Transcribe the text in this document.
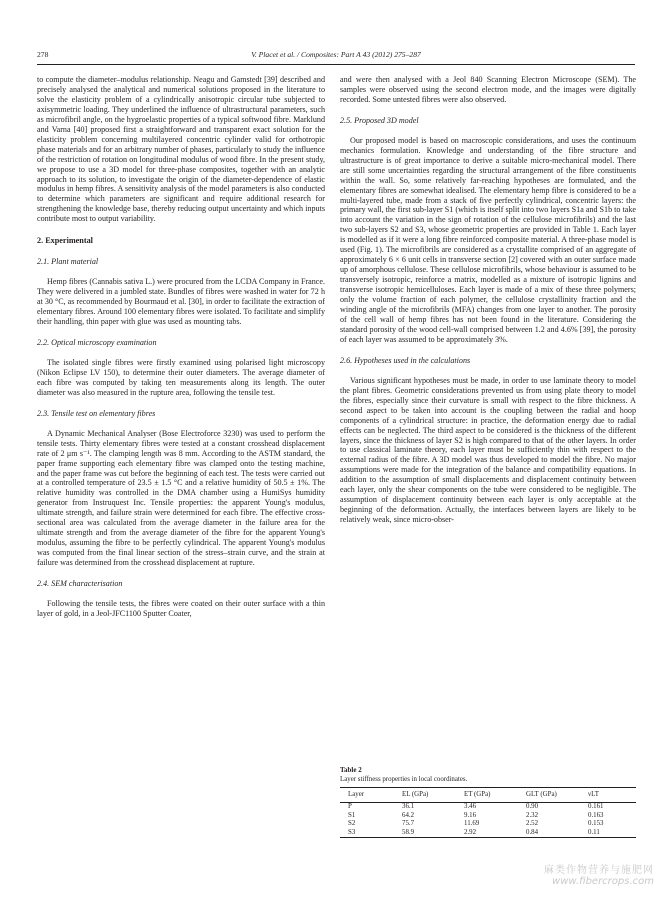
278	V. Placet et al. / Composites: Part A 43 (2012) 275–287

to compute the diameter–modulus relationship. Neagu and Gamstedt [39] described and precisely analysed the analytical and numerical solutions proposed in the literature to solve the elasticity problem of a cylindrically anisotropic circular tube subjected to axisymmetric loading. They underlined the influence of ultrastructural parameters, such as microfibril angle, on the hygroelastic properties of a typical softwood fibre. Marklund and Varna [40] proposed first a straightforward and transparent exact solution for the elasticity problem concerning multilayered concentric cylinder valid for orthotropic phase materials and for an arbitrary number of phases, particularly to study the influence of the restriction of rotation on longitudinal modulus of wood fibre. In the present study, we propose to use a 3D model for three-phase composites, together with an analytic approach to its solution, to investigate the origin of the diameter-dependence of elastic modulus in hemp fibres. A sensitivity analysis of the model parameters is also conducted to determine which parameters are significant and require additional research for strengthening the knowledge base, thereby reducing output uncertainty and which inputs contribute most to output variability.

2. Experimental
2.1. Plant material

Hemp fibres (Cannabis sativa L.) were procured from the LCDA Company in France. They were delivered in a jumbled state. Bundles of fibres were washed in water for 72 h at 30 °C, as recommended by Bourmaud et al. [30], in order to facilitate the extraction of elementary fibres. Around 100 elementary fibres were isolated. To facilitate and simplify their handling, thin paper with glue was used as mounting tabs.

2.2. Optical microscopy examination

The isolated single fibres were firstly examined using polarised light microscopy (Nikon Eclipse LV 150), to determine their outer diameters. The average diameter of each fibre was computed by taking ten measurements along its length. The outer diameter was also measured in the rupture area, following the tensile test.

2.3. Tensile test on elementary fibres

A Dynamic Mechanical Analyser (Bose Electroforce 3230) was used to perform the tensile tests. Thirty elementary fibres were tested at a constant crosshead displacement rate of 2 μm s⁻¹. The clamping length was 8 mm. According to the ASTM standard, the paper frame supporting each elementary fibre was clamped onto the testing machine, and the paper frame was cut before the beginning of each test. The tests were carried out at a controlled temperature of 23.5 ± 1.5 °C and a relative humidity of 50.5 ± 1%. The relative humidity was controlled in the DMA chamber using a HumiSys humidity generator from Instruquest Inc. Tensile properties: the apparent Young's modulus, ultimate strength, and failure strain were determined for each fibre. The effective cross-sectional area was calculated from the average diameter in the failure area for the ultimate strength and from the average diameter of the fibre for the apparent Young's modulus, assuming the fibre to be perfectly cylindrical. The apparent Young's modulus was computed from the final linear section of the stress–strain curve, and the strain at failure was determined from the crosshead displacement at rupture.

2.4. SEM characterisation

Following the tensile tests, the fibres were coated on their outer surface with a thin layer of gold, in a Jeol-JFC1100 Sputter Coater,

and were then analysed with a Jeol 840 Scanning Electron Microscope (SEM). The samples were observed using the second electron mode, and the images were digitally recorded. Some untested fibres were also observed.

2.5. Proposed 3D model

Our proposed model is based on macroscopic considerations, and uses the continuum mechanics formulation. Knowledge and understanding of the fibre structure and ultrastructure is of great importance to derive a suitable micro-mechanical model. There are still some uncertainties regarding the structural arrangement of the fibre constituents within the wall. So, some relatively far-reaching hypotheses are formulated, and the elementary fibres are somewhat idealised. The elementary hemp fibre is considered to be a multi-layered tube, made from a stack of five perfectly cylindrical, concentric layers: the primary wall, the first sub-layer S1 (which is itself split into two layers S1a and S1b to take into account the variation in the sign of rotation of the cellulose microfibrils) and the last two sub-layers S2 and S3, whose geometric properties are provided in Table 1. Each layer is modelled as if it were a long fibre reinforced composite material. A three-phase model is used (Fig. 1). The microfibrils are considered as a crystallite comprised of an aggregate of approximately 6 × 6 unit cells in transverse section [2] covered with an outer surface made up of amorphous cellulose. These cellulose microfibrils, whose behaviour is assumed to be transversely isotropic, reinforce a matrix, modelled as a mixture of isotropic lignins and transverse isotropic hemicelluloses. Each layer is made of a mix of these three polymers; only the volume fraction of each polymer, the cellulose crystallinity fraction and the winding angle of the microfibrils (MFA) changes from one layer to another. The porosity of the cell wall of hemp fibres has not been found in the literature. Considering the standard porosity of the wood cell-wall comprised between 1.2 and 4.6% [39], the porosity of each layer was assumed to be approximately 3%.

2.6. Hypotheses used in the calculations

Various significant hypotheses must be made, in order to use laminate theory to model the plant fibres. Geometric considerations prevented us from using plate theory to model the fibres, especially since their curvature is small with respect to the fibre thickness. A second aspect to be taken into account is the coupling between the radial and hoop components of a cylindrical structure: in practice, the deformation energy due to radial effects can be neglected. The third aspect to be considered is the thickness of the different layers, since the thickness of layer S2 is high compared to that of the other layers. In order to use classical laminate theory, each layer must be sufficiently thin with respect to the external radius of the fibre. A 3D model was thus developed to model the fibre. No major assumptions were made for the integration of the balance and compatibility equations. In addition to the assumption of small displacements and displacement continuity between each layer, only the shear components on the tube were considered to be negligible. The assumption of displacement continuity between each layer is only acceptable at the beginning of the deformation. Actually, the interfaces between layers are likely to be relatively weak, since micro-obser-

Table 2
Layer stiffness properties in local coordinates.
Layer	EL (GPa)	ET (GPa)	GLT (GPa)	νLT
P	36.1	3.46	0.90	0.161
S1	64.2	9.16	2.32	0.163
S2	75.7	11.69	2.52	0.153
S3	58.9	2.92	0.84	0.11
麻类作物营养与施肥网
www.fibercrops.com
